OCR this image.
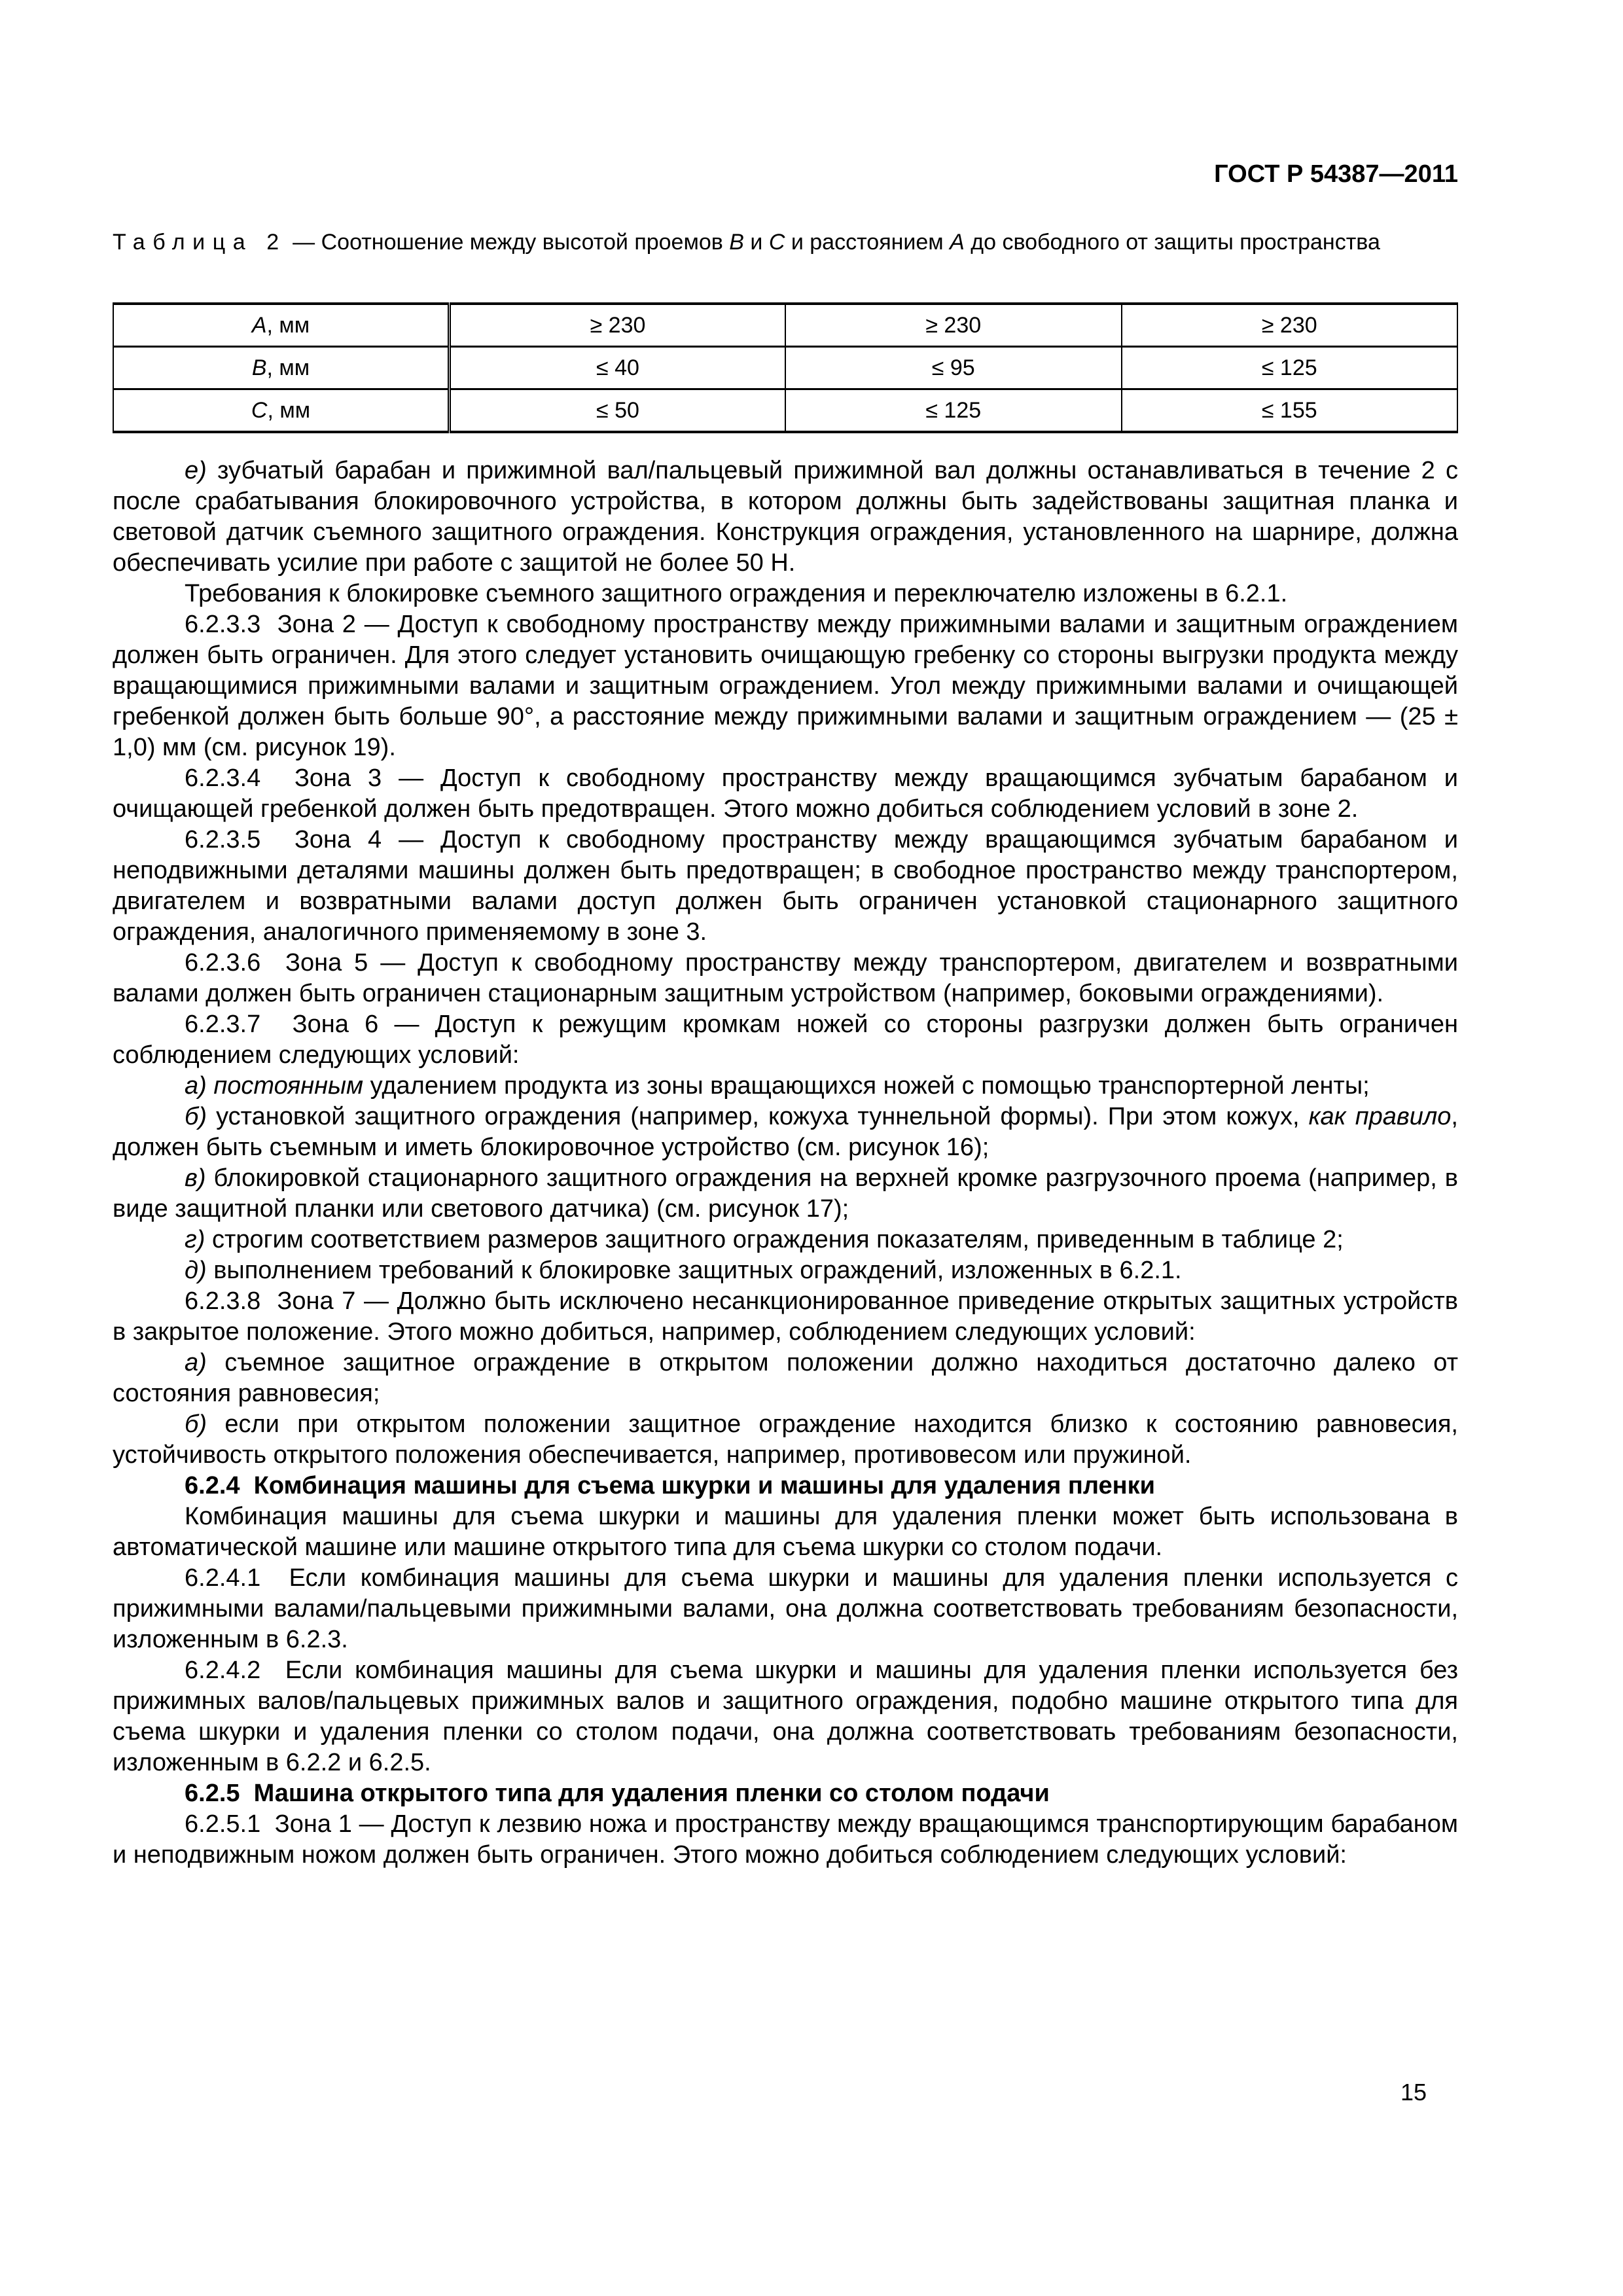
ГОСТ Р 54387—2011
Таблица 2 — Соотношение между высотой проемов В и С и расстоянием А до свободного от защиты пространства
А, мм	≥ 230	≥ 230	≥ 230
В, мм	≤ 40	≤ 95	≤ 125
С, мм	≤ 50	≤ 125	≤ 155

е) зубчатый барабан и прижимной вал/пальцевый прижимной вал должны останавливаться в течение 2 с после срабатывания блокировочного устройства, в котором должны быть задействованы защитная планка и световой датчик съемного защитного ограждения. Конструкция ограждения, установленного на шарнире, должна обеспечивать усилие при работе с защитой не более 50 Н.

Требования к блокировке съемного защитного ограждения и переключателю изложены в 6.2.1.

6.2.3.3  Зона 2 — Доступ к свободному пространству между прижимными валами и защитным ограждением должен быть ограничен. Для этого следует установить очищающую гребенку со стороны выгрузки продукта между вращающимися прижимными валами и защитным ограждением. Угол между прижимными валами и очищающей гребенкой должен быть больше 90°, а расстояние между прижимными валами и защитным ограждением — (25 ± 1,0) мм (см. рисунок 19).

6.2.3.4  Зона 3 — Доступ к свободному пространству между вращающимся зубчатым барабаном и очищающей гребенкой должен быть предотвращен. Этого можно добиться соблюдением условий в зоне 2.

6.2.3.5  Зона 4 — Доступ к свободному пространству между вращающимся зубчатым барабаном и неподвижными деталями машины должен быть предотвращен; в свободное пространство между транспортером, двигателем и возвратными валами доступ должен быть ограничен установкой стационарного защитного ограждения, аналогичного применяемому в зоне 3.

6.2.3.6  Зона 5 — Доступ к свободному пространству между транспортером, двигателем и возвратными валами должен быть ограничен стационарным защитным устройством (например, боковыми ограждениями).

6.2.3.7  Зона 6 — Доступ к режущим кромкам ножей со стороны разгрузки должен быть ограничен соблюдением следующих условий:

а) постоянным удалением продукта из зоны вращающихся ножей с помощью транспортерной ленты;

б) установкой защитного ограждения (например, кожуха туннельной формы). При этом кожух, как правило, должен быть съемным и иметь блокировочное устройство (см. рисунок 16);

в) блокировкой стационарного защитного ограждения на верхней кромке разгрузочного проема (например, в виде защитной планки или светового датчика) (см. рисунок 17);

г) строгим соответствием размеров защитного ограждения показателям, приведенным в таблице 2;

д) выполнением требований к блокировке защитных ограждений, изложенных в 6.2.1.

6.2.3.8  Зона 7 — Должно быть исключено несанкционированное приведение открытых защитных устройств в закрытое положение. Этого можно добиться, например, соблюдением следующих условий:

а) съемное защитное ограждение в открытом положении должно находиться достаточно далеко от состояния равновесия;

б) если при открытом положении защитное ограждение находится близко к состоянию равновесия, устойчивость открытого положения обеспечивается, например, противовесом или пружиной.

6.2.4  Комбинация машины для съема шкурки и машины для удаления пленки

Комбинация машины для съема шкурки и машины для удаления пленки может быть использована в автоматической машине или машине открытого типа для съема шкурки со столом подачи.

6.2.4.1  Если комбинация машины для съема шкурки и машины для удаления пленки используется с прижимными валами/пальцевыми прижимными валами, она должна соответствовать требованиям безопасности, изложенным в 6.2.3.

6.2.4.2  Если комбинация машины для съема шкурки и машины для удаления пленки используется без прижимных валов/пальцевых прижимных валов и защитного ограждения, подобно машине открытого типа для съема шкурки и удаления пленки со столом подачи, она должна соответствовать требованиям безопасности, изложенным в 6.2.2 и 6.2.5.

6.2.5  Машина открытого типа для удаления пленки со столом подачи

6.2.5.1  Зона 1 — Доступ к лезвию ножа и пространству между вращающимся транспортирующим барабаном и неподвижным ножом должен быть ограничен. Этого можно добиться соблюдением следующих условий:

15
